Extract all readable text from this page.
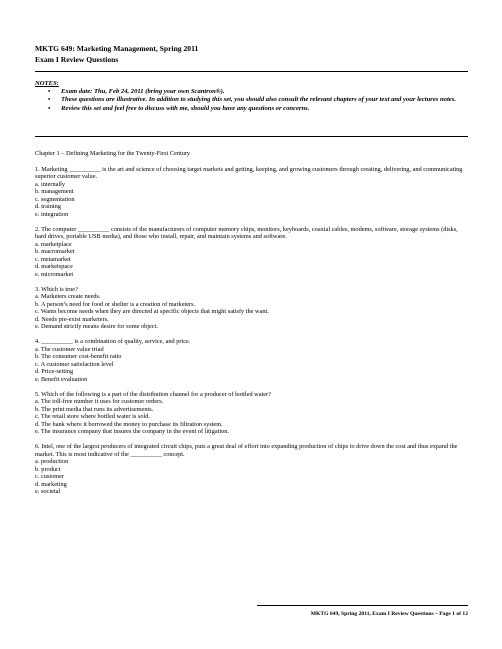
MKTG 649: Marketing Management, Spring 2011
Exam I Review Questions
NOTES:
• Exam date: Thu, Feb 24, 2011 (bring your own Scantron®).
• These questions are illustrative. In addition to studying this set, you should also consult the relevant chapters of your text and your lectures notes.
• Review this set and feel free to discuss with me, should you have any questions or concerns.
Chapter 1 – Defining Marketing for the Twenty-First Century
1. Marketing __________ is the art and science of choosing target markets and getting, keeping, and growing customers through creating, delivering, and communicating superior customer value.
a. internally
b. management
c. segmentation
d. training
e. integration
2. The computer __________ consists of the manufacturers of computer memory chips, monitors, keyboards, coaxial cables, modems, software, storage systems (disks, hard drives, portable USB media), and those who install, repair, and maintain systems and software.
a. marketplace
b. macromarket
c. metamarket
d. marketspace
e. micromarket
3. Which is true?
a. Marketers create needs.
b. A person’s need for food or shelter is a creation of marketers.
c. Wants become needs when they are directed at specific objects that might satisfy the want.
d. Needs pre-exist marketers.
e. Demand strictly means desire for some object.
4. __________ is a combination of quality, service, and price.
a. The customer value triad
b. The consumer cost-benefit ratio
c. A customer satisfaction level
d. Price-setting
e. Benefit evaluation
5. Which of the following is a part of the distribution channel for a producer of bottled water?
a. The toll-free number it uses for customer orders.
b. The print media that runs its advertisements.
c. The retail store where bottled water is sold.
d. The bank where it borrowed the money to purchase its filtration system.
e. The insurance company that insures the company in the event of litigation.
6. Intel, one of the largest producers of integrated circuit chips, puts a great deal of effort into expanding production of chips to drive down the cost and thus expand the market. This is most indicative of the __________ concept.
a. production
b. product
c. customer
d. marketing
e. societal
MKTG 649, Spring 2011, Exam I Review Questions – Page 1 of 12
